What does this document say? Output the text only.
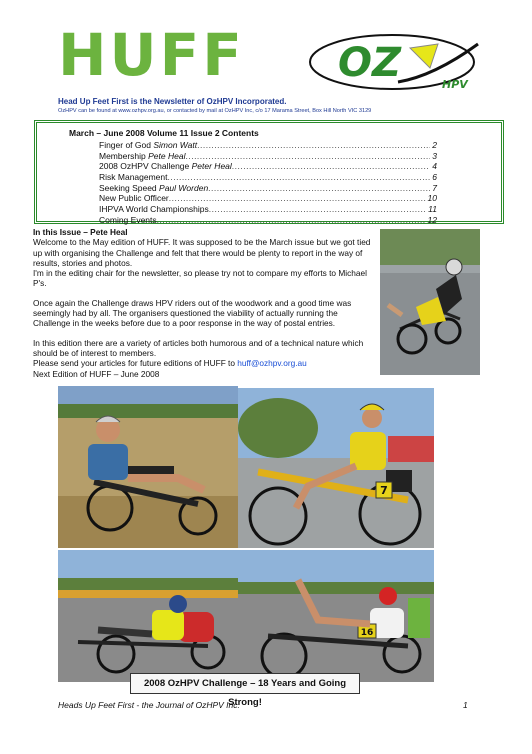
HUFF OZ	HPV
Head Up Feet First is the Newsletter of OzHPV Incorporated.
OzHPV can be found at www.ozhpv.org.au, or contacted by mail at OzHPV Inc, c/o 17 Marama Street, Box Hill North VIC 3129
March – June 2008 Volume 11 Issue 2 Contents
Finger of God Simon Watt .....	2
Membership Pete Heal .....	3
2008 OzHPV Challenge Peter Heal .....	4
Risk Management .....	6
Seeking Speed Paul Worden .....	7
New Public Officer .....	10
IHPVA World Championships .....	11
Coming Events .....	12
In this Issue – Pete Heal

Welcome to the May edition of HUFF. It was supposed to be the March issue but we got tied up with organising the Challenge and felt that there would be plenty to report in the way of results, stories and photos.

I'm in the editing chair for the newsletter, so please try not to compare my efforts to Michael P's.

Once again the Challenge draws HPV riders out of the woodwork and a good time was seemingly had by all. The organisers questioned the viability of actually running the Challenge in the weeks before due to a poor response in the way of postal entries.

In this edition there are a variety of articles both humorous and of a technical nature which should be of interest to members.

Please send your articles for future editions of HUFF to huff@ozhpv.org.au

Next Edition of HUFF – June 2008

7
16
2008 OzHPV Challenge – 18 Years and Going Strong!
Heads Up Feet First - the Journal of OzHPV Inc.	1
